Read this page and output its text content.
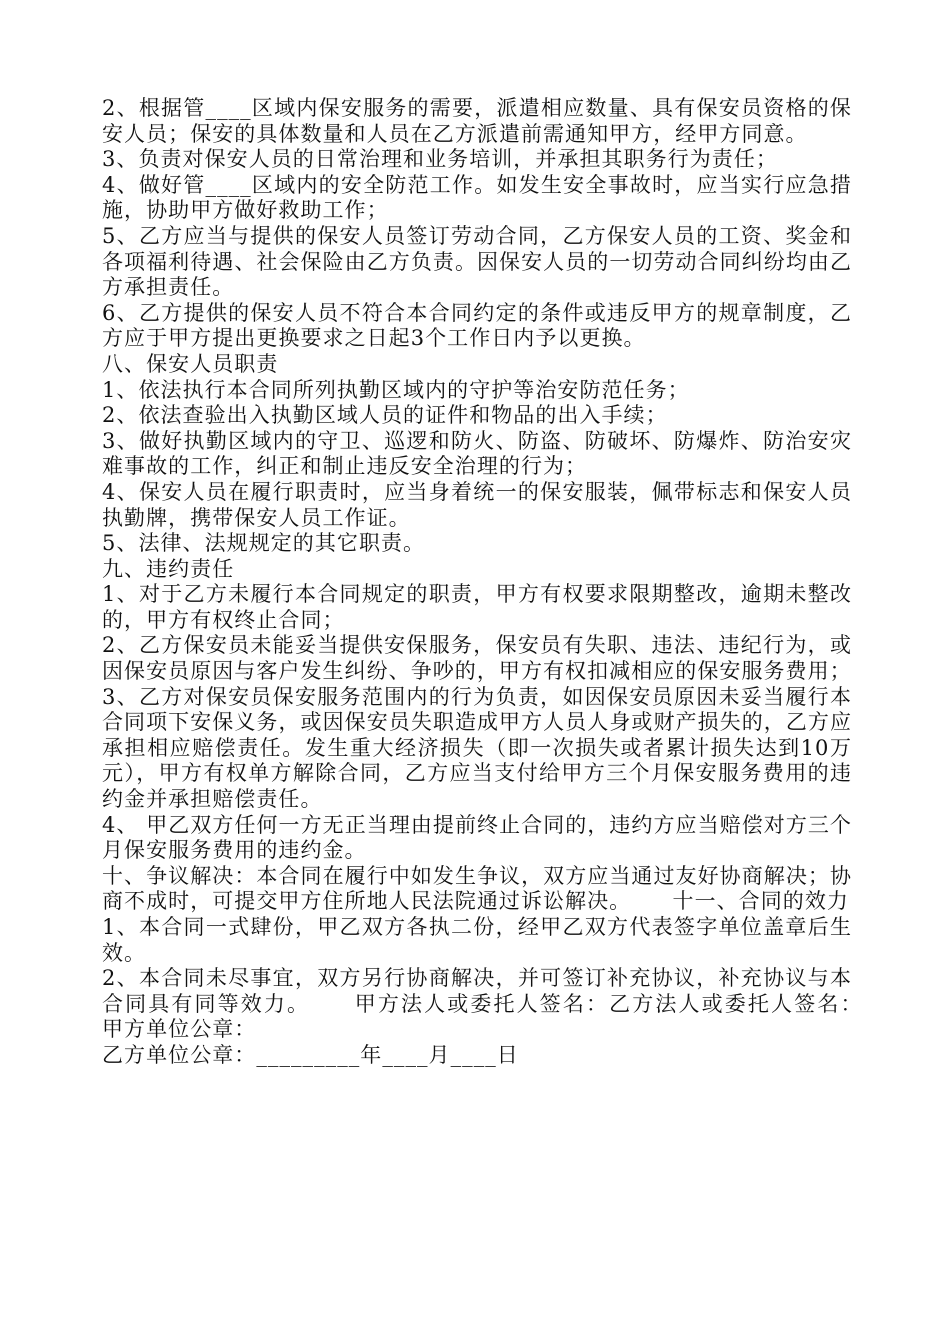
2、根据管____区域内保安服务的需要，派遣相应数量、具有保安员资格的保安人员；保安的具体数量和人员在乙方派遣前需通知甲方，经甲方同意。

3、负责对保安人员的日常治理和业务培训，并承担其职务行为责任；

4、做好管____区域内的安全防范工作。如发生安全事故时，应当实行应急措施，协助甲方做好救助工作；

5、乙方应当与提供的保安人员签订劳动合同，乙方保安人员的工资、奖金和各项福利待遇、社会保险由乙方负责。因保安人员的一切劳动合同纠纷均由乙方承担责任。

6、乙方提供的保安人员不符合本合同约定的条件或违反甲方的规章制度，乙方应于甲方提出更换要求之日起3个工作日内予以更换。

八、保安人员职责

1、依法执行本合同所列执勤区域内的守护等治安防范任务；

2、依法查验出入执勤区域人员的证件和物品的出入手续；

3、做好执勤区域内的守卫、巡逻和防火、防盗、防破坏、防爆炸、防治安灾难事故的工作，纠正和制止违反安全治理的行为；

4、保安人员在履行职责时，应当身着统一的保安服装，佩带标志和保安人员执勤牌，携带保安人员工作证。

5、法律、法规规定的其它职责。

九、违约责任

1、对于乙方未履行本合同规定的职责，甲方有权要求限期整改，逾期未整改的，甲方有权终止合同；

2、乙方保安员未能妥当提供安保服务，保安员有失职、违法、违纪行为，或因保安员原因与客户发生纠纷、争吵的，甲方有权扣减相应的保安服务费用；

3、乙方对保安员保安服务范围内的行为负责，如因保安员原因未妥当履行本合同项下安保义务，或因保安员失职造成甲方人员人身或财产损失的，乙方应承担相应赔偿责任。发生重大经济损失（即一次损失或者累计损失达到10万元），甲方有权单方解除合同，乙方应当支付给甲方三个月保安服务费用的违约金并承担赔偿责任。

4、 甲乙双方任何一方无正当理由提前终止合同的，违约方应当赔偿对方三个月保安服务费用的违约金。

十、争议解决：本合同在履行中如发生争议，双方应当通过友好协商解决；协商不成时，可提交甲方住所地人民法院通过诉讼解决。　　 十一、合同的效力

1、本合同一式肆份，甲乙双方各执二份，经甲乙双方代表签字单位盖章后生效。

2、本合同未尽事宜，双方另行协商解决，并可签订补充协议，补充协议与本合同具有同等效力。　　 甲方法人或委托人签名：乙方法人或委托人签名：　　 甲方单位公章：

乙方单位公章：_________年____月____日
